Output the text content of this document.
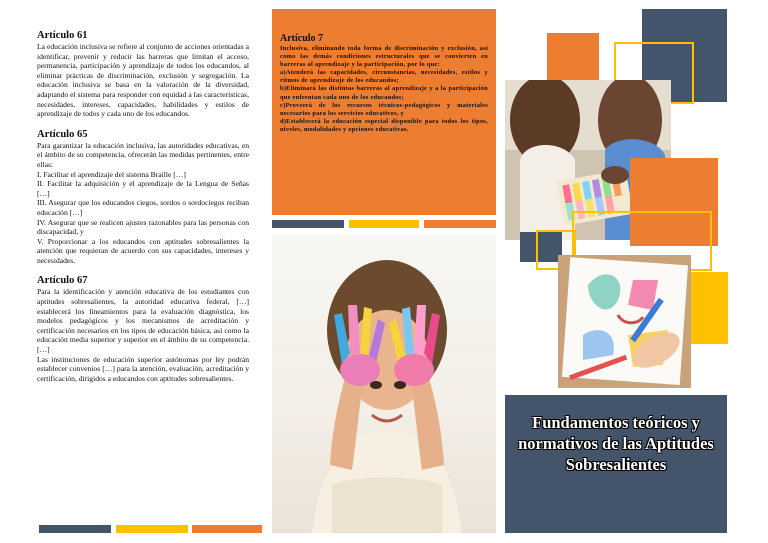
Artículo 61

La educación inclusiva se refiere al conjunto de acciones orientadas a identificar, prevenir y reducir las barreras que limitan el acceso, permanencia, participación y aprendizaje de todos los educandos, al eliminar prácticas de discriminación, exclusión y segregación. La educación inclusiva se basa en la valoración de la diversidad, adaptando el sistema para responder con equidad a las características, necesidades, intereses, capacidades, habilidades y estilos de aprendizaje de todos y cada uno de los educandos.

Artículo 65

Para garantizar la educación inclusiva, las autoridades educativas, en el ámbito de su competencia, ofrecerán las medidas pertinentes, entre ellas:
I. Facilitar el aprendizaje del sistema Braille […]
II. Facilitar la adquisición y el aprendizaje de la Lengua de Señas […]
III. Asegurar que los educandos ciegos, sordos o sordociegos reciban educación […]
IV. Asegurar que se realicen ajustes razonables para las personas con discapacidad, y
V. Proporcionar a los educandos con aptitudes sobresalientes la atención que requieran de acuerdo con sus capacidades, intereses y necesidades.

Artículo 67

Para la identificación y atención educativa de los estudiantes con aptitudes sobresalientes, la autoridad educativa federal, […] establecerá los lineamientos para la evaluación diagnóstica, los modelos pedagógicos y los mecanismos de acreditación y certificación necesarios en los tipos de educación básica, así como la educación media superior y superior en el ámbito de su competencia. […]
Las instituciones de educación superior autónomas por ley podrán establecer convenios […] para la atención, evaluación, acreditación y certificación, dirigidos a educandos con aptitudes sobresalientes.

Artículo 7

Inclusiva, eliminando toda forma de discriminación y exclusión, así como las demás condiciones estructurales que se convierten en barreras al aprendizaje y la participación, por lo que:
a)Atenderá las capacidades, circunstancias, necesidades, estilos y ritmos de aprendizaje de los educandos;
b)Eliminará las distintas barreras al aprendizaje y a la participación que enfrentan cada uno de los educandos;
c)Proveerá de los recursos técnicos-pedagógicos y materiales necesarios para los servicios educativos, y
d)Establecerá la educación especial disponible para todos los tipos, niveles, modalidades y opciones educativas.
Fundamentos teóricos y normativos de las Aptitudes Sobresalientes
